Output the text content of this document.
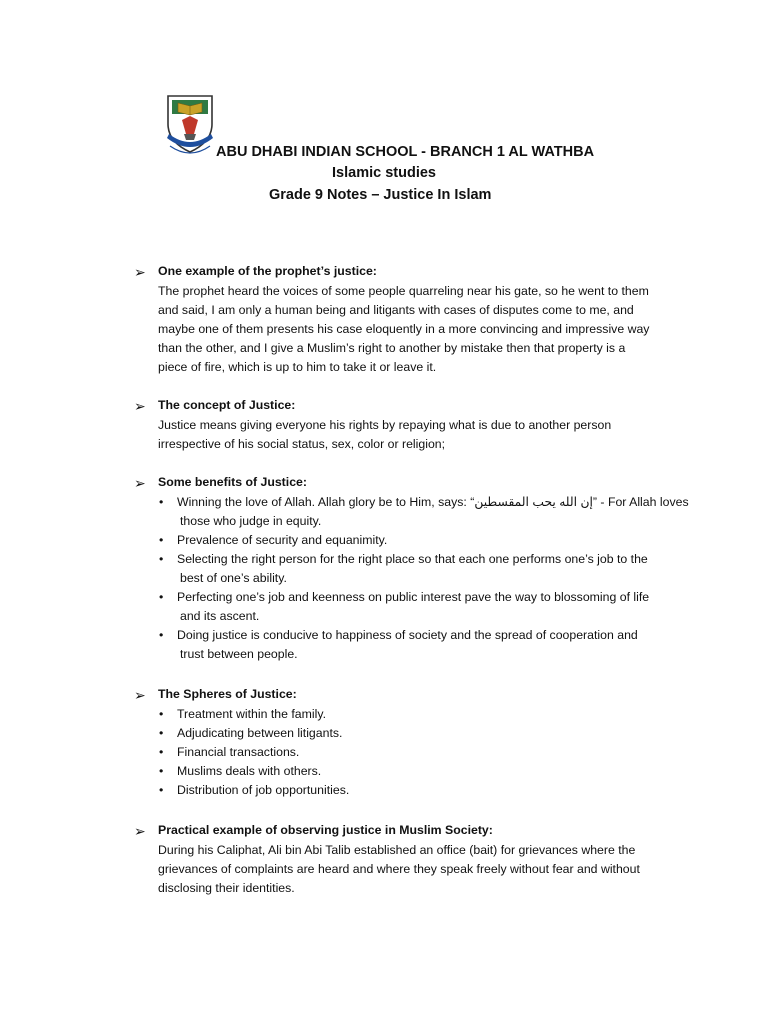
ABU DHABI INDIAN SCHOOL - BRANCH 1 AL WATHBA
Islamic studies
Grade 9 Notes – Justice In Islam
➢ One example of the prophet’s justice:
The prophet heard the voices of some people quarreling near his gate, so he went to them
and said, I am only a human being and litigants with cases of disputes come to me, and
maybe one of them presents his case eloquently in a more convincing and impressive way
than the other, and I give a Muslim’s right to another by mistake then that property is a
piece of fire, which is up to him to take it or leave it.
➢ The concept of Justice:
Justice means giving everyone his rights by repaying what is due to another person
irrespective of his social status, sex, color or religion;
➢ Some benefits of Justice:
• Winning the love of Allah. Allah glory be to Him, says: “إن الله يحب المقسطين” - For Allah loves
those who judge in equity.
• Prevalence of security and equanimity.
• Selecting the right person for the right place so that each one performs one’s job to the
best of one’s ability.
• Perfecting one’s job and keenness on public interest pave the way to blossoming of life
and its ascent.
• Doing justice is conducive to happiness of society and the spread of cooperation and
trust between people.
➢ The Spheres of Justice:
• Treatment within the family.
• Adjudicating between litigants.
• Financial transactions.
• Muslims deals with others.
• Distribution of job opportunities.
➢ Practical example of observing justice in Muslim Society:
During his Caliphat, Ali bin Abi Talib established an office (bait) for grievances where the
grievances of complaints are heard and where they speak freely without fear and without
disclosing their identities.
